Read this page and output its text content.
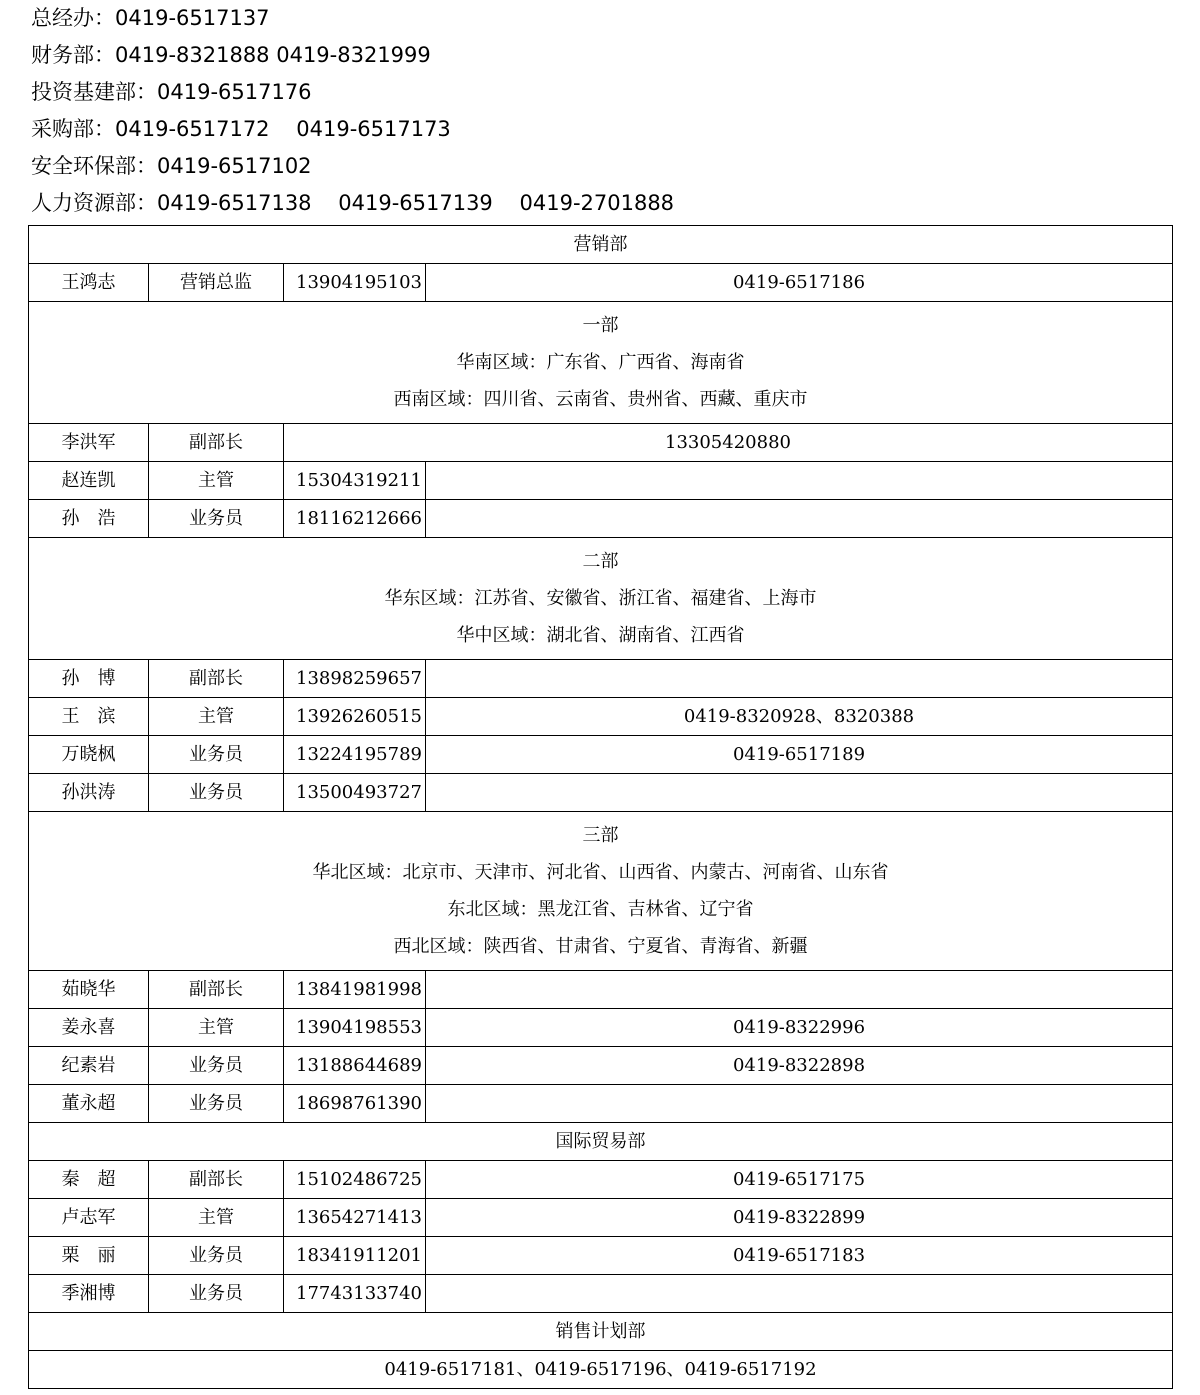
总经办：0419-6517137
财务部：0419-8321888 0419-8321999
投资基建部：0419-6517176
采购部：0419-6517172    0419-6517173
安全环保部：0419-6517102
人力资源部：0419-6517138    0419-6517139    0419-2701888
营销部			
王鸿志	营销总监	13904195103	0419-6517186

一部
华南区域：广东省、广西省、海南省
西南区域：四川省、云南省、贵州省、西藏、重庆市			

李洪军	副部长	13305420880	
赵连凯	主管	15304319211	
孙　浩	业务员	18116212666	

二部
华东区域：江苏省、安徽省、浙江省、福建省、上海市
华中区域：湖北省、湖南省、江西省			

孙　博	副部长	13898259657	
王　滨	主管	13926260515	0419-8320928、8320388
万晓枫	业务员	13224195789	0419-6517189
孙洪涛	业务员	13500493727	

三部
华北区域：北京市、天津市、河北省、山西省、内蒙古、河南省、山东省
东北区域：黑龙江省、吉林省、辽宁省
西北区域：陕西省、甘肃省、宁夏省、青海省、新疆			

茹晓华	副部长	13841981998	
姜永喜	主管	13904198553	0419-8322996
纪素岩	业务员	13188644689	0419-8322898
董永超	业务员	18698761390	
国际贸易部			
秦　超	副部长	15102486725	0419-6517175
卢志军	主管	13654271413	0419-8322899
栗　丽	业务员	18341911201	0419-6517183
季湘博	业务员	17743133740	
销售计划部			
0419-6517181、0419-6517196、0419-6517192			
